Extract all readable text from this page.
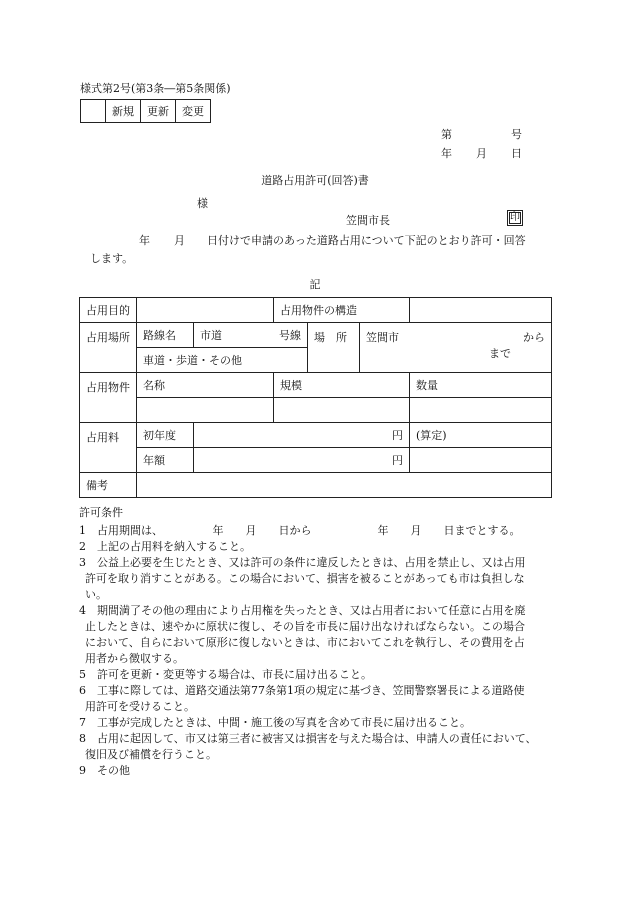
様式第2号(第3条―第5条関係)
	新規	更新	変更
第	号
年 月 日
道路占用許可(回答)書
様
笠間市長	印
年 月 日付けで申請のあった道路占用について下記のとおり許可・回答
します。
記
占用目的			占用物件の構造			
占用場所	路線名	市道 号線		場　所	笠間市 から
まで	

	車道・歩道・その他					
占用物件	名称		規模			数量

占用料	初年度	円				(算定)
	年額	円				
備考						
許可条件
1 占用期間は、　　　　　年　　月　　日から　　　　　　年　　月　　日までとする。
2 上記の占用料を納入すること。
3 公益上必要を生じたとき、又は許可の条件に違反したときは、占用を禁止し、又は占用
許可を取り消すことがある。この場合において、損害を被ることがあっても市は負担しな
い。
4 期間満了その他の理由により占用権を失ったとき、又は占用者において任意に占用を廃
止したときは、速やかに原状に復し、その旨を市長に届け出なければならない。この場合
において、自らにおいて原形に復しないときは、市においてこれを執行し、その費用を占
用者から徴収する。
5 許可を更新・変更等する場合は、市長に届け出ること。
6 工事に際しては、道路交通法第77条第1項の規定に基づき、笠間警察署長による道路使
用許可を受けること。
7 工事が完成したときは、中間・施工後の写真を含めて市長に届け出ること。
8 占用に起因して、市又は第三者に被害又は損害を与えた場合は、申請人の責任において、
復旧及び補償を行うこと。
9 その他
